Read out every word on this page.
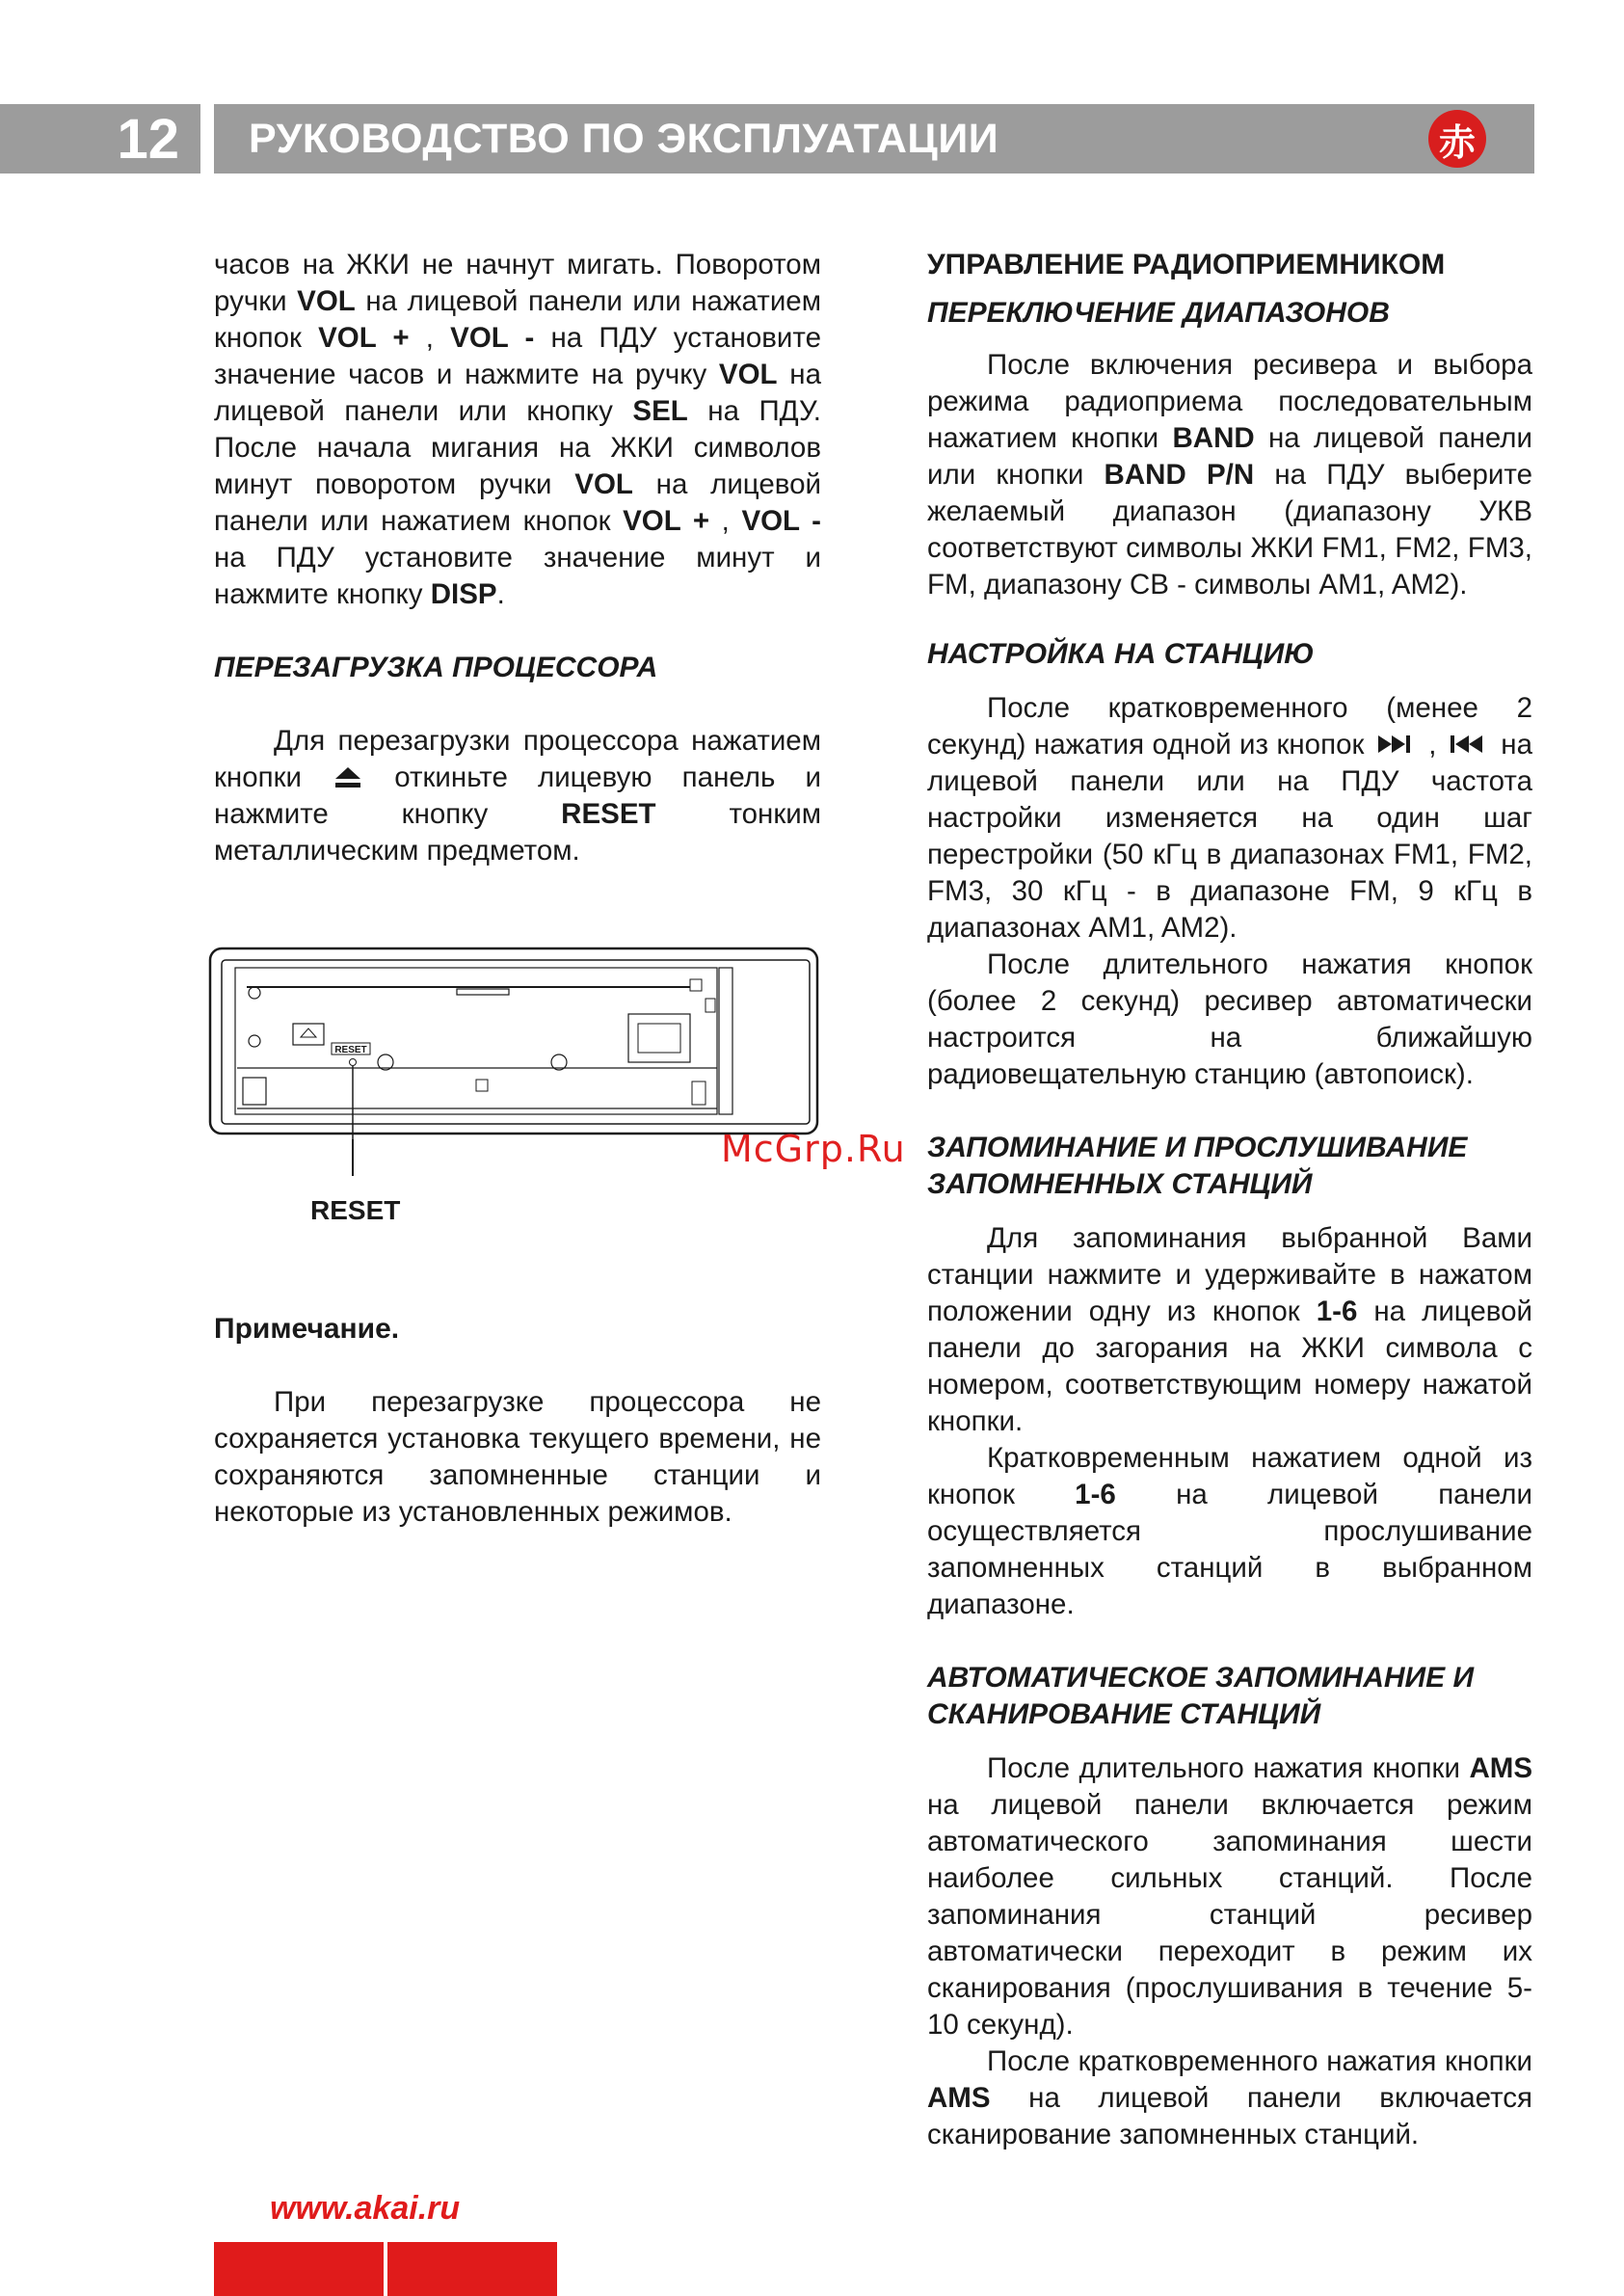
12	РУКОВОДСТВО ПО ЭКСПЛУАТАЦИИ	赤

часов на ЖКИ не начнут мигать. Поворотом ручки VOL на лицевой панели или нажатием кнопок VOL + , VOL - на ПДУ установите значение часов и нажмите на ручку VOL на лицевой панели или кнопку SEL на ПДУ. После начала мигания на ЖКИ символов минут поворотом ручки VOL на лицевой панели или нажатием кнопок VOL + , VOL - на ПДУ установите значение минут и нажмите кнопку DISP.

ПЕРЕЗАГРУЗКА ПРОЦЕССОРА

Для перезагрузки процессора нажатием кнопки  откиньте лицевую панель и нажмите кнопку RESET тонким металлическим предметом.

RESET
RESET
Примечание.

При перезагрузке процессора не сохраняется установка текущего времени, не сохраняются запомненные станции и некоторые из установленных режимов.

УПРАВЛЕНИЕ РАДИОПРИЕМНИКОМ
ПЕРЕКЛЮЧЕНИЕ ДИАПАЗОНОВ

После включения ресивера и выбора режима радиоприема последовательным нажатием кнопки BAND на лицевой панели или кнопки BAND P/N на ПДУ выберите желаемый диапазон (диапазону УКВ соответствуют символы ЖКИ FM1, FM2, FM3, FM, диапазону СВ - символы AM1, AM2).

НАСТРОЙКА НА СТАНЦИЮ

После кратковременного (менее 2 секунд) нажатия одной из кнопок  ,  на лицевой панели или на ПДУ частота настройки изменяется на один шаг перестройки (50 кГц в диапазонах FM1, FM2, FM3, 30 кГц - в диапазоне FM, 9 кГц в диапазонах AM1, AM2).

После длительного нажатия кнопок (более 2 секунд) ресивер автоматически настроится на ближайшую радиовещательную станцию (автопоиск).

ЗАПОМИНАНИЕ И ПРОСЛУШИВАНИЕ
ЗАПОМНЕННЫХ СТАНЦИЙ

Для запоминания выбранной Вами станции нажмите и удерживайте в нажатом положении одну из кнопок 1-6 на лицевой панели до загорания на ЖКИ символа с номером, соответствующим номеру нажатой кнопки.

Кратковременным нажатием одной из кнопок 1-6 на лицевой панели осуществляется прослушивание запомненных станций в выбранном диапазоне.

АВТОМАТИЧЕСКОЕ ЗАПОМИНАНИЕ И
СКАНИРОВАНИЕ СТАНЦИЙ

После длительного нажатия кнопки AMS на лицевой панели включается режим автоматического запоминания шести наиболее сильных станций. После запоминания станций ресивер автоматически переходит в режим их сканирования (прослушивания в течение 5-10 секунд).

После кратковременного нажатия кнопки AMS на лицевой панели включается сканирование запомненных станций.

McGrp.Ru
www.akai.ru
